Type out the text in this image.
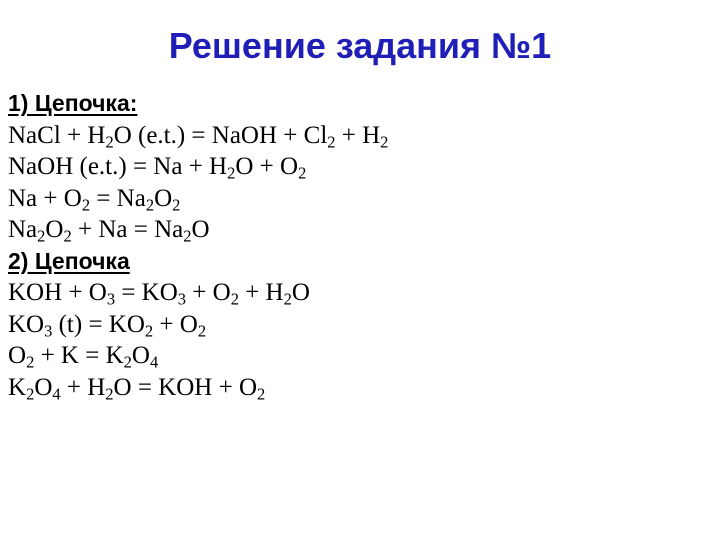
Решение задания №1
1) Цепочка:
NaCl + $H_2O$ (e.t.) = NaOH + $Cl_2 + H_2$
NaOH $(e.t.) = Na + H_2O + O_2$
$Na + O_2 = Na_2O_2$
$Na_2O_2 + Na = Na_2O$
2) Цепочка
KOH + $O_3 = KO_3 + O_2 + H_2O$
$KO_3$ $(t) = KO_2 + O_2$
$O_2 + K = K_2O_4$
$K_2O_4 + H_2O$ = KOH + $O_2$
